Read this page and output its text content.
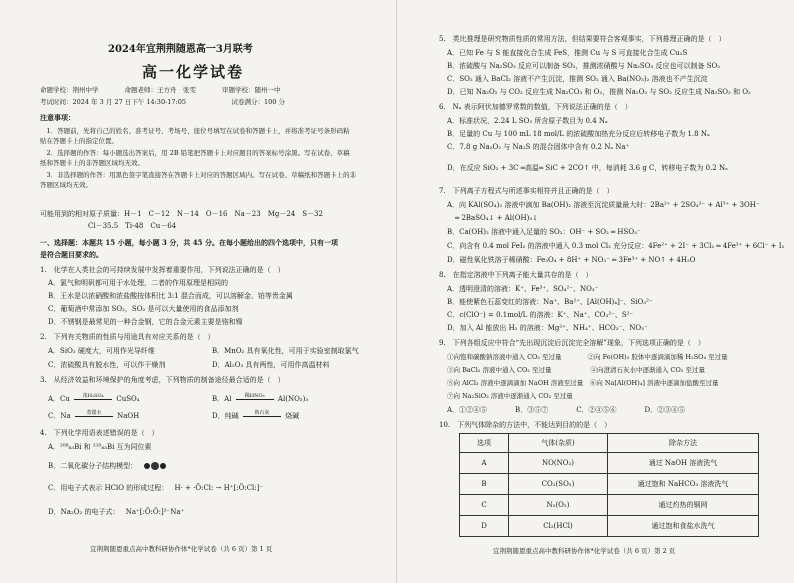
2024年宜荆荆随恩高一3月联考
高一化学试卷
命题学校：荆州中学　　　　命题老师：王方舟　张雯　　　　审题学校：随州一中
考试时间：2024 年 3 月 27 日下午 14:30-17:05　　　　　　　试卷满分：100 分
注意事项：
　1．答题前，先将自己的姓名、准考证号、考场号、座位号填写在试卷和答题卡上，并将准考证号条形码粘
贴在答题卡上的指定位置。
　2．选择题的作答：每小题选出答案后，用 2B 铅笔把答题卡上对应题目的答案标号涂黑。写在试卷、草稿
纸和答题卡上的非答题区域均无效。
　3．非选择题的作答：用黑色签字笔直接答在答题卡上对应的答题区域内。写在试卷、草稿纸和答题卡上的非
答题区域均无效。
可能用到的相对原子质量：H－1　C－12　N－14　O－16　Na－23　Mg－24　S－32
Cl－35.5　Ti-48　Cu－64
一、选择题：本题共 15 小题，每小题 3 分，共 45 分。在每小题给出的四个选项中，只有一项
是符合题目要求的。
1.　化学在人类社会的可持续发展中发挥着重要作用，下列说法正确的是（　）
A．氯气和明矾都可用于水处理，二者的作用原理是相同的
B．王水是以浓硝酸和浓盐酸按体积比 3:1 混合而成，可以溶解金、铂等贵金属
C．葡萄酒中常添加 SO₂，SO₂ 是可以大量使用的食品添加剂
D．不锈钢是最常见的一种合金钢，它的合金元素主要是铬和镍
2.　下列有关物质的性质与用途具有对应关系的是（　）
A．SiO₂ 硬度大，可用作光导纤维	B．MnO₂ 具有氧化性，可用于实验室制取氯气
C．浓硫酸具有脱水性，可以作干燥剂	D．Al₂O₃ 具有两性，可用作高温材料
3.　从经济效益和环境保护的角度考虑，下列物质的制备途径最合适的是（　）
A．Cu	浓H₂SO₄	CuSO₄	B．Al	稀HNO₃	Al(NO₃)₃
C．Na	蒸馏水	NaOH	D．纯碱	熟石灰	烧碱
4.　下列化学用语表述错误的是（　）
A．²⁰⁹₈₃Bi 和 ²¹⁰₈₃Bi 互为同位素
B．二氧化碳分子结构模型：
C．用电子式表示 HClO 的形成过程： H· + ·Ö:Cl: → H⁺[:Ö:Cl:]⁻
D．Na₂O₂ 的电子式： Na⁺[:Ö:Ö:]²⁻Na⁺
宜荆荆随恩重点高中教科研协作体*化学试卷（共 6 页）第 1 页
5.　类比推理是研究物质性质的常用方法，但结果要符合客观事实，下列推理正确的是（　）
A．已知 Fe 与 S 能直接化合生成 FeS，推测 Cu 与 S 可直接化合生成 Cu₂S
B．浓硫酸与 Na₂SO₃ 反应可以制备 SO₂，推测浓硝酸与 Na₂SO₃ 反应也可以制备 SO₂
C．SO₂ 通入 BaCl₂ 溶液不产生沉淀，推测 SO₂ 通入 Ba(NO₃)₂ 溶液也不产生沉淀
D．已知 Na₂O₂ 与 CO₂ 反应生成 Na₂CO₃ 和 O₂，推测 Na₂O₂ 与 SO₂ 反应生成 Na₂SO₃ 和 O₂
6.　Nₐ 表示阿伏加德罗常数的数值，下列说法正确的是（　）
A．标准状况，2.24 L SO₃ 所含原子数目为 0.4 Nₐ
B．足量的 Cu 与 100 mL 18 mol/L 的浓硫酸加热充分反应后转移电子数为 1.8 Nₐ
C．7.8 g Na₂O₂ 与 Na₂S 的混合固体中含有 0.2 Nₐ Na⁺
D．在反应 SiO₂ + 3C ═高温═ SiC + 2CO↑ 中，每消耗 3.6 g C，转移电子数为 0.2 Nₐ
7.　下列离子方程式与所述事实相符并且正确的是（　）
A．向 KAl(SO₄)₂ 溶液中滴加 Ba(OH)₂ 溶液至沉淀质量最大时：2Ba²⁺ + 2SO₄²⁻ + Al³⁺ + 3OH⁻
═ 2BaSO₄↓ + Al(OH)₃↓
B．Ca(OH)₂ 溶液中通入足量的 SO₂：OH⁻ + SO₂ ═ HSO₃⁻
C．向含有 0.4 mol FeI₂ 的溶液中通入 0.3 mol Cl₂ 充分反应：4Fe²⁺ + 2I⁻ + 3Cl₂ ═ 4Fe³⁺ + 6Cl⁻ + I₂
D．磁性氧化铁溶于稀硝酸：Fe₃O₄ + 8H⁺ + NO₃⁻ ═ 3Fe³⁺ + NO↑ + 4H₂O
8.　在指定溶液中下列离子能大量共存的是（　）
A．透明澄清的溶液：K⁺、Fe³⁺、SO₄²⁻、NO₃⁻
B．能使紫色石蕊变红的溶液：Na⁺、Ba²⁺、[Al(OH)₄]⁻、SiO₃²⁻
C．c(ClO⁻) = 0.1mol/L 的溶液：K⁺、Na⁺、CO₃²⁻、S²⁻
D．加入 Al 能放出 H₂ 的溶液：Mg²⁺、NH₄⁺、HCO₃⁻、NO₃⁻
9.　下列各组反应中符合“先出现沉淀后沉淀完全溶解”现象，下列选项正确的是（　）
①向饱和碳酸钠溶液中通入 CO₂ 至过量　　　　②向 Fe(OH)₃ 胶体中逐滴滴加稀 H₂SO₄ 至过量
③向 BaCl₂ 溶液中通入 CO₂ 至过量　　　　　　④向澄清石灰水中逐渐通入 CO₂ 至过量
⑤向 AlCl₃ 溶液中逐滴滴加 NaOH 溶液至过量　⑥向 Na[Al(OH)₄] 溶液中逐滴加盐酸至过量
⑦向 Na₂SiO₃ 溶液中逐渐通入 CO₂ 至过量
A．①②④⑤　　　　B．③⑤⑦　　　　C．②④⑤⑥　　　　D．②③④⑤
10.　下列气体除杂的方法中，不能达到目的的是（　）
选项	气体(杂质)	除杂方法
A	NO(NO₂)	通过 NaOH 溶液洗气
B	CO₂(SO₂)	通过饱和 NaHCO₃ 溶液洗气
C	N₂(O₂)	通过灼热的铜网
D	Cl₂(HCl)	通过饱和食盐水洗气
宜荆荆随恩重点高中教科研协作体*化学试卷（共 6 页）第 2 页
